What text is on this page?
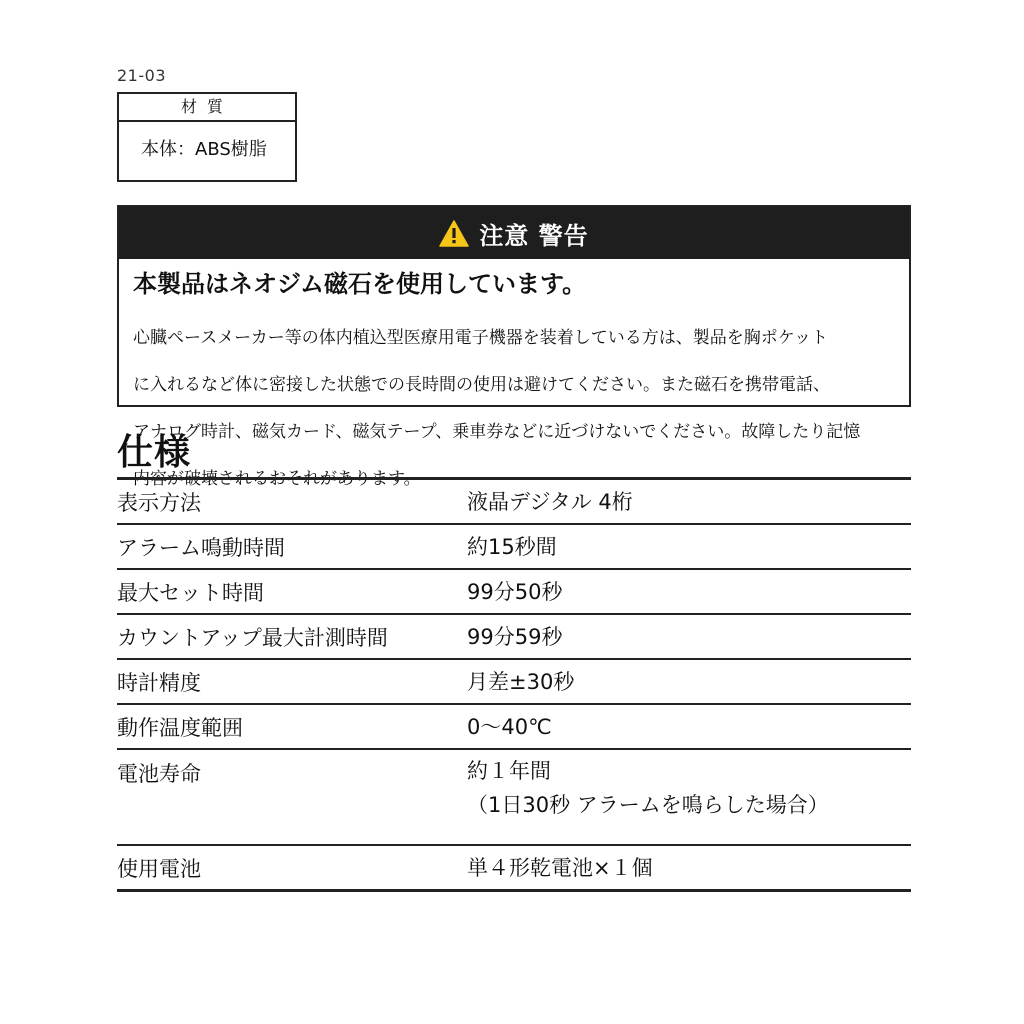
21-03
材質
本体：ABS樹脂
注意 警告
本製品はネオジム磁石を使用しています。

心臓ペースメーカー等の体内植込型医療用電子機器を装着している方は、製品を胸ポケット

に入れるなど体に密接した状態での長時間の使用は避けてください。また磁石を携帯電話、

アナログ時計、磁気カード、磁気テープ、乗車券などに近づけないでください。故障したり記憶

内容が破壊されるおそれがあります。

仕様
表示方法	液晶デジタル 4桁
アラーム鳴動時間	約15秒間
最大セット時間	99分50秒
カウントアップ最大計測時間	99分59秒
時計精度	月差±30秒
動作温度範囲	0〜40℃
電池寿命	約１年間
（1日30秒 アラームを鳴らした場合）

使用電池	単４形乾電池×１個
